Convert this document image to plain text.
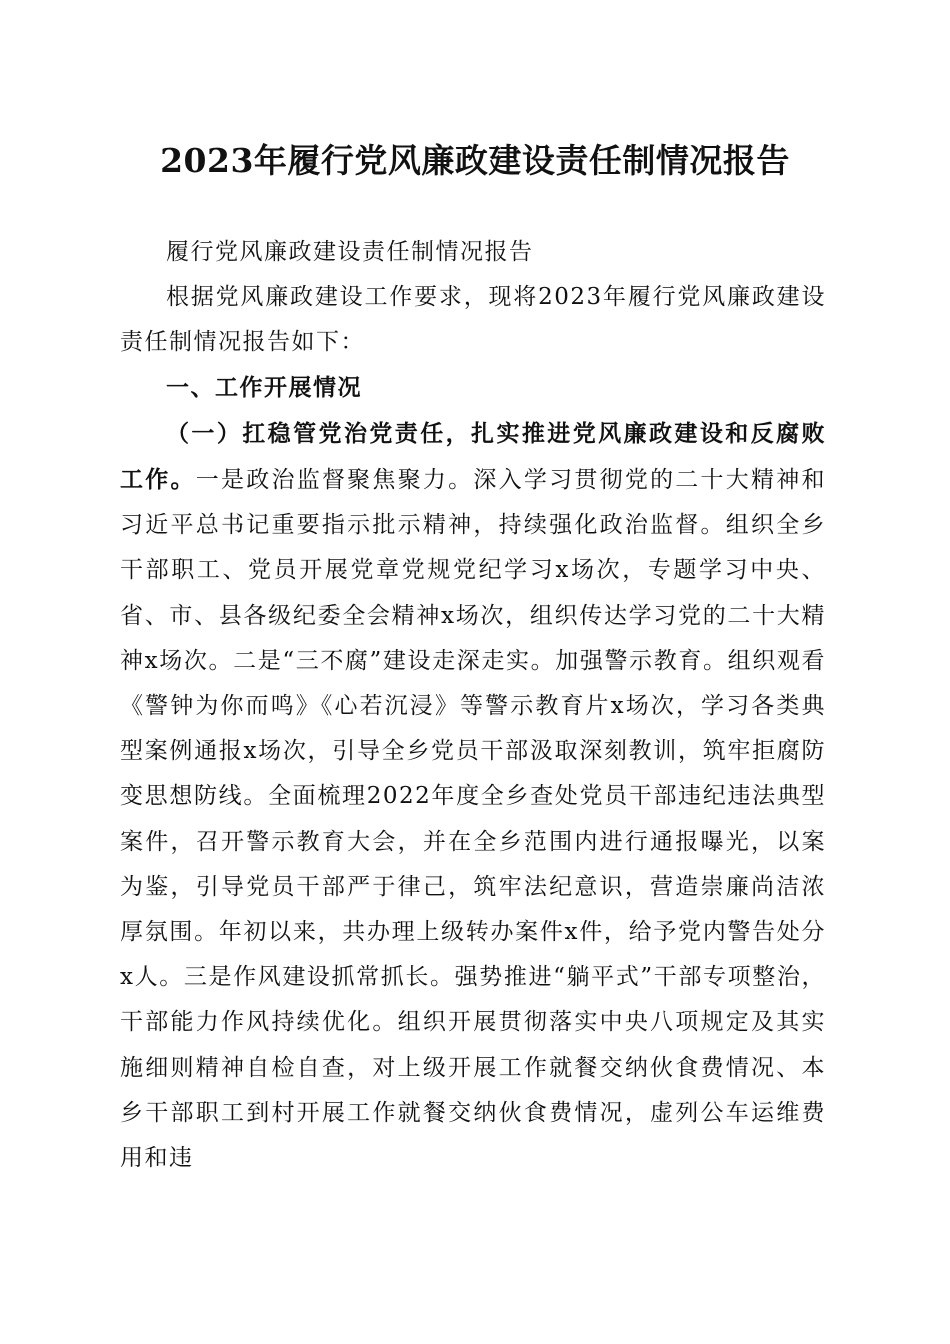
2023年履行党风廉政建设责任制情况报告

履行党风廉政建设责任制情况报告

根据党风廉政建设工作要求，现将2023年履行党风廉政建设责任制情况报告如下：

一、工作开展情况

（一）扛稳管党治党责任，扎实推进党风廉政建设和反腐败工作。一是政治监督聚焦聚力。深入学习贯彻党的二十大精神和习近平总书记重要指示批示精神，持续强化政治监督。组织全乡干部职工、党员开展党章党规党纪学习x场次，专题学习中央、省、市、县各级纪委全会精神x场次，组织传达学习党的二十大精神x场次。二是“三不腐”建设走深走实。加强警示教育。组织观看《警钟为你而鸣》《心若沉浸》等警示教育片x场次，学习各类典型案例通报x场次，引导全乡党员干部汲取深刻教训，筑牢拒腐防变思想防线。全面梳理2022年度全乡查处党员干部违纪违法典型案件，召开警示教育大会，并在全乡范围内进行通报曝光，以案为鉴，引导党员干部严于律己，筑牢法纪意识，营造崇廉尚洁浓厚氛围。年初以来，共办理上级转办案件x件，给予党内警告处分x人。三是作风建设抓常抓长。强势推进“躺平式”干部专项整治，干部能力作风持续优化。组织开展贯彻落实中央八项规定及其实施细则精神自检自查，对上级开展工作就餐交纳伙食费情况、本乡干部职工到村开展工作就餐交纳伙食费情况，虚列公车运维费用和违
